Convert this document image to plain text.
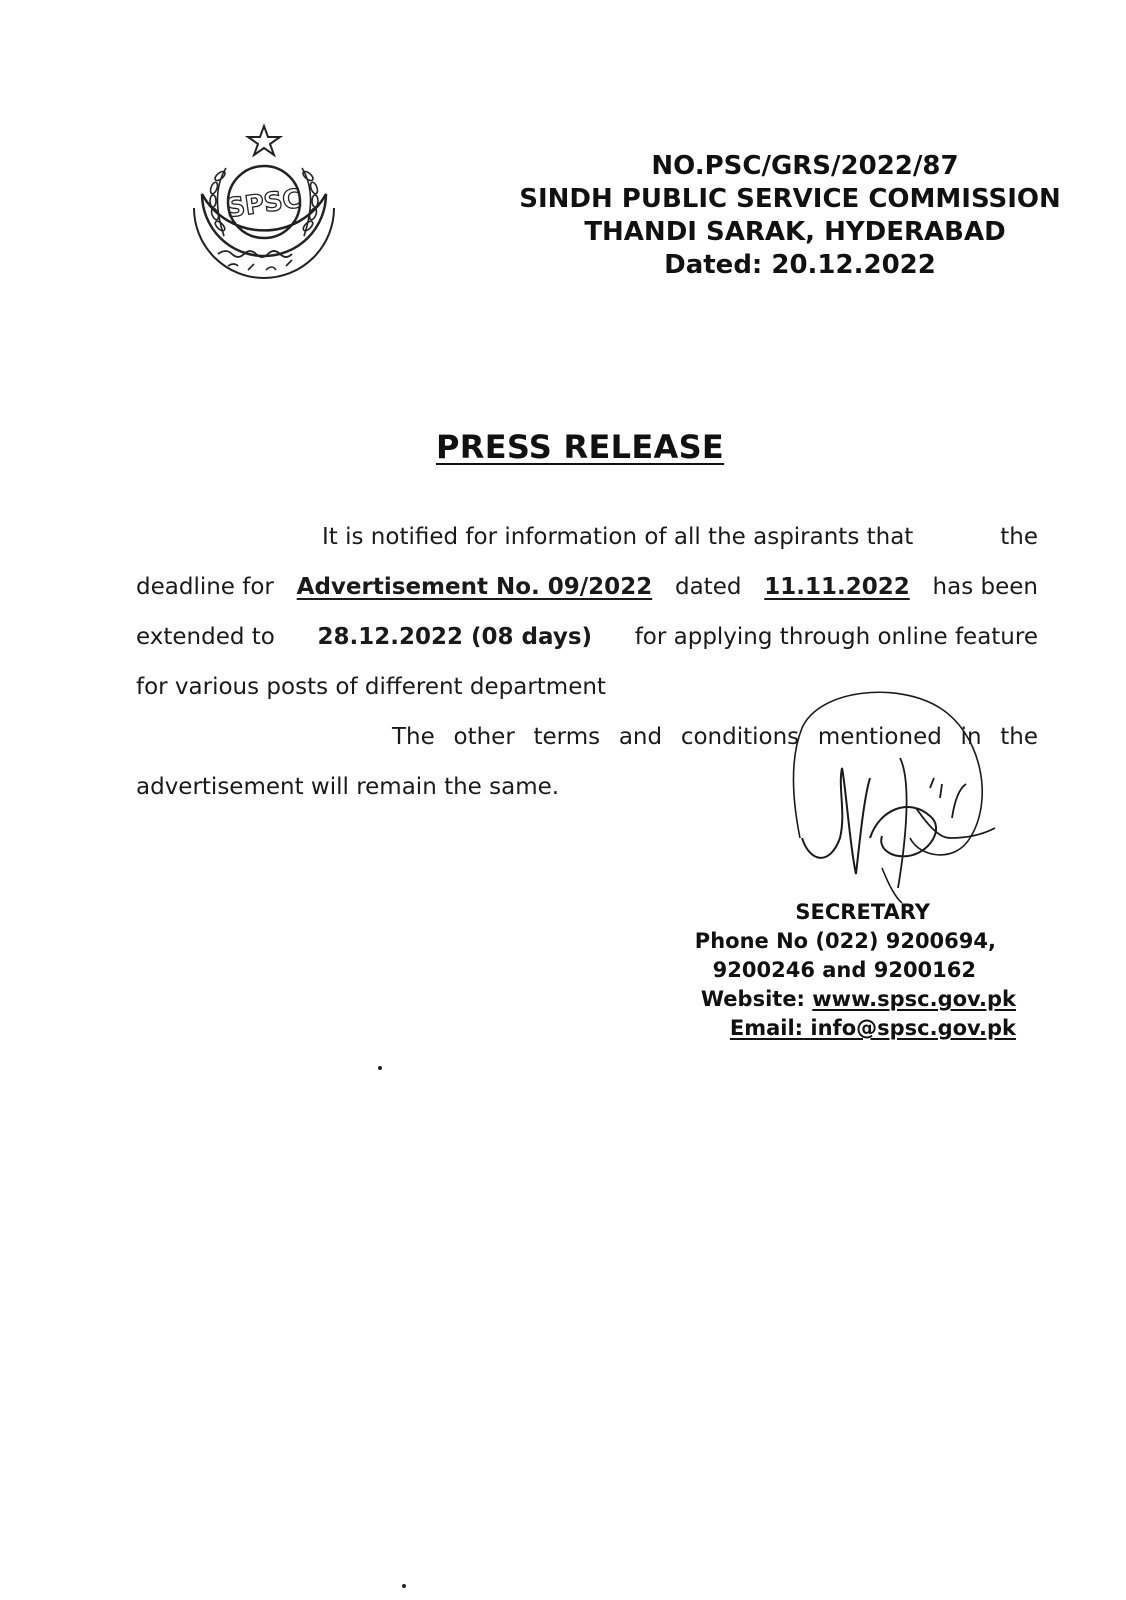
SPSC
NO.PSC/GRS/2022/87
SINDH PUBLIC SERVICE COMMISSION
THANDI SARAK, HYDERABAD
Dated: 20.12.2022
PRESS RELEASE
It is notified for information of all the aspirants that	the
deadline for Advertisement No. 09/2022 dated 11.11.2022 has been
extended to 28.12.2022 (08 days) for applying through online feature
for various posts of different department
The other terms and conditions mentioned in the
advertisement will remain the same.
SECRETARY
Phone No (022) 9200694,
9200246 and 9200162
Website: www.spsc.gov.pk
Email: info@spsc.gov.pk
